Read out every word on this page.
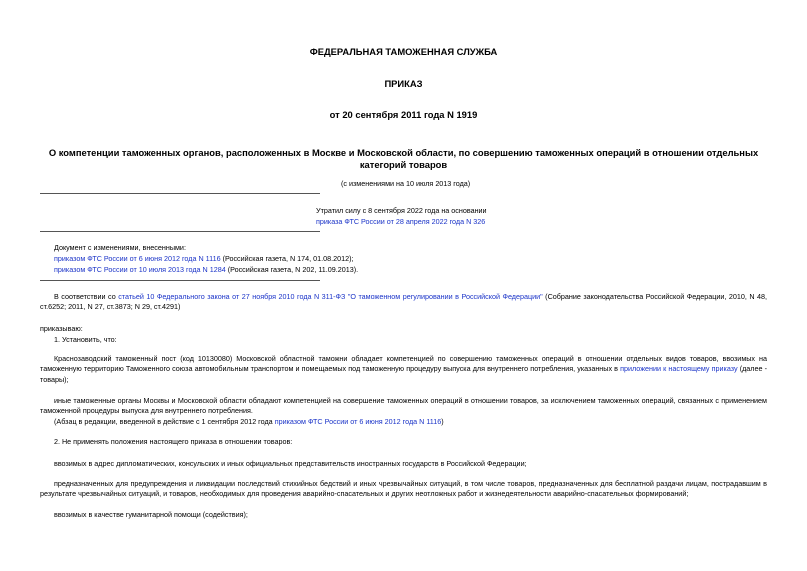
ФЕДЕРАЛЬНАЯ ТАМОЖЕННАЯ СЛУЖБА
ПРИКАЗ
от 20 сентября 2011 года N 1919
О компетенции таможенных органов, расположенных в Москве и Московской области, по совершению таможенных операций в отношении отдельных категорий товаров
(с изменениями на 10 июля 2013 года)
Утратил силу с 8 сентября 2022 года на основании
приказа ФТС России от 28 апреля 2022 года N 326
Документ с изменениями, внесенными:
приказом ФТС России от 6 июня 2012 года N 1116 (Российская газета, N 174, 01.08.2012);
приказом ФТС России от 10 июля 2013 года N 1284 (Российская газета, N 202, 11.09.2013).
В соответствии со статьей 10 Федерального закона от 27 ноября 2010 года N 311-ФЗ "О таможенном регулировании в Российской Федерации" (Собрание законодательства Российской Федерации, 2010, N 48, ст.6252; 2011, N 27, ст.3873; N 29, ст.4291)
приказываю:
1. Установить, что:
Краснозаводский таможенный пост (код 10130080) Московской областной таможни обладает компетенцией по совершению таможенных операций в отношении отдельных видов товаров, ввозимых на таможенную территорию Таможенного союза автомобильным транспортом и помещаемых под таможенную процедуру выпуска для внутреннего потребления, указанных в приложении к настоящему приказу (далее - товары);
иные таможенные органы Москвы и Московской области обладают компетенцией на совершение таможенных операций в отношении товаров, за исключением таможенных операций, связанных с применением таможенной процедуры выпуска для внутреннего потребления.
(Абзац в редакции, введенной в действие с 1 сентября 2012 года приказом ФТС России от 6 июня 2012 года N 1116)
2. Не применять положения настоящего приказа в отношении товаров:
ввозимых в адрес дипломатических, консульских и иных официальных представительств иностранных государств в Российской Федерации;
предназначенных для предупреждения и ликвидации последствий стихийных бедствий и иных чрезвычайных ситуаций, в том числе товаров, предназначенных для бесплатной раздачи лицам, пострадавшим в результате чрезвычайных ситуаций, и товаров, необходимых для проведения аварийно-спасательных и других неотложных работ и жизнедеятельности аварийно-спасательных формирований;
ввозимых в качестве гуманитарной помощи (содействия);
